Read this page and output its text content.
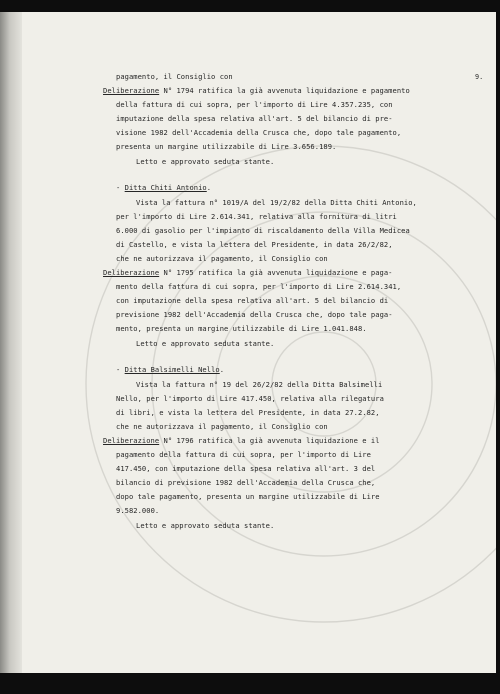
9.
pagamento, il Consiglio con
Deliberazione N° 1794 ratifica la già avvenuta liquidazione e pagamento
della fattura di cui sopra, per l'importo di Lire 4.357.235, con
imputazione della spesa relativa all'art. 5 del bilancio di pre-
visione 1982 dell'Accademia della Crusca che, dopo tale pagamento,
presenta un margine utilizzabile di Lire 3.656.189.
Letto e approvato seduta stante.
- Ditta Chiti Antonio.
Vista la fattura n° 1019/A del 19/2/82 della Ditta Chiti Antonio,
per l'importo di Lire 2.614.341, relativa alla fornitura di litri
6.000 di gasolio per l'impianto di riscaldamento della Villa Medicea
di Castello, e vista la lettera del Presidente, in data 26/2/82,
che ne autorizzava il pagamento, il Consiglio con
Deliberazione N° 1795 ratifica la già avvenuta liquidazione e paga-
mento della fattura di cui sopra, per l'importo di Lire 2.614.341,
con imputazione della spesa relativa all'art. 5 del bilancio di
previsione 1982 dell'Accademia della Crusca che, dopo tale paga-
mento, presenta un margine utilizzabile di Lire 1.041.848.
Letto e approvato seduta stante.
- Ditta Balsimelli Nello.
Vista la fattura n° 19 del 26/2/82 della Ditta Balsimelli
Nello, per l'importo di Lire 417.450, relativa alla rilegatura
di libri, e vista la lettera del Presidente, in data 27.2.82,
che ne autorizzava il pagamento, il Consiglio con
Deliberazione N° 1796 ratifica la già avvenuta liquidazione e il
pagamento della fattura di cui sopra, per l'importo di Lire
417.450, con imputazione della spesa relativa all'art. 3 del
bilancio di previsione 1982 dell'Accademia della Crusca che,
dopo tale pagamento, presenta un margine utilizzabile di Lire
9.582.000.
Letto e approvato seduta stante.
